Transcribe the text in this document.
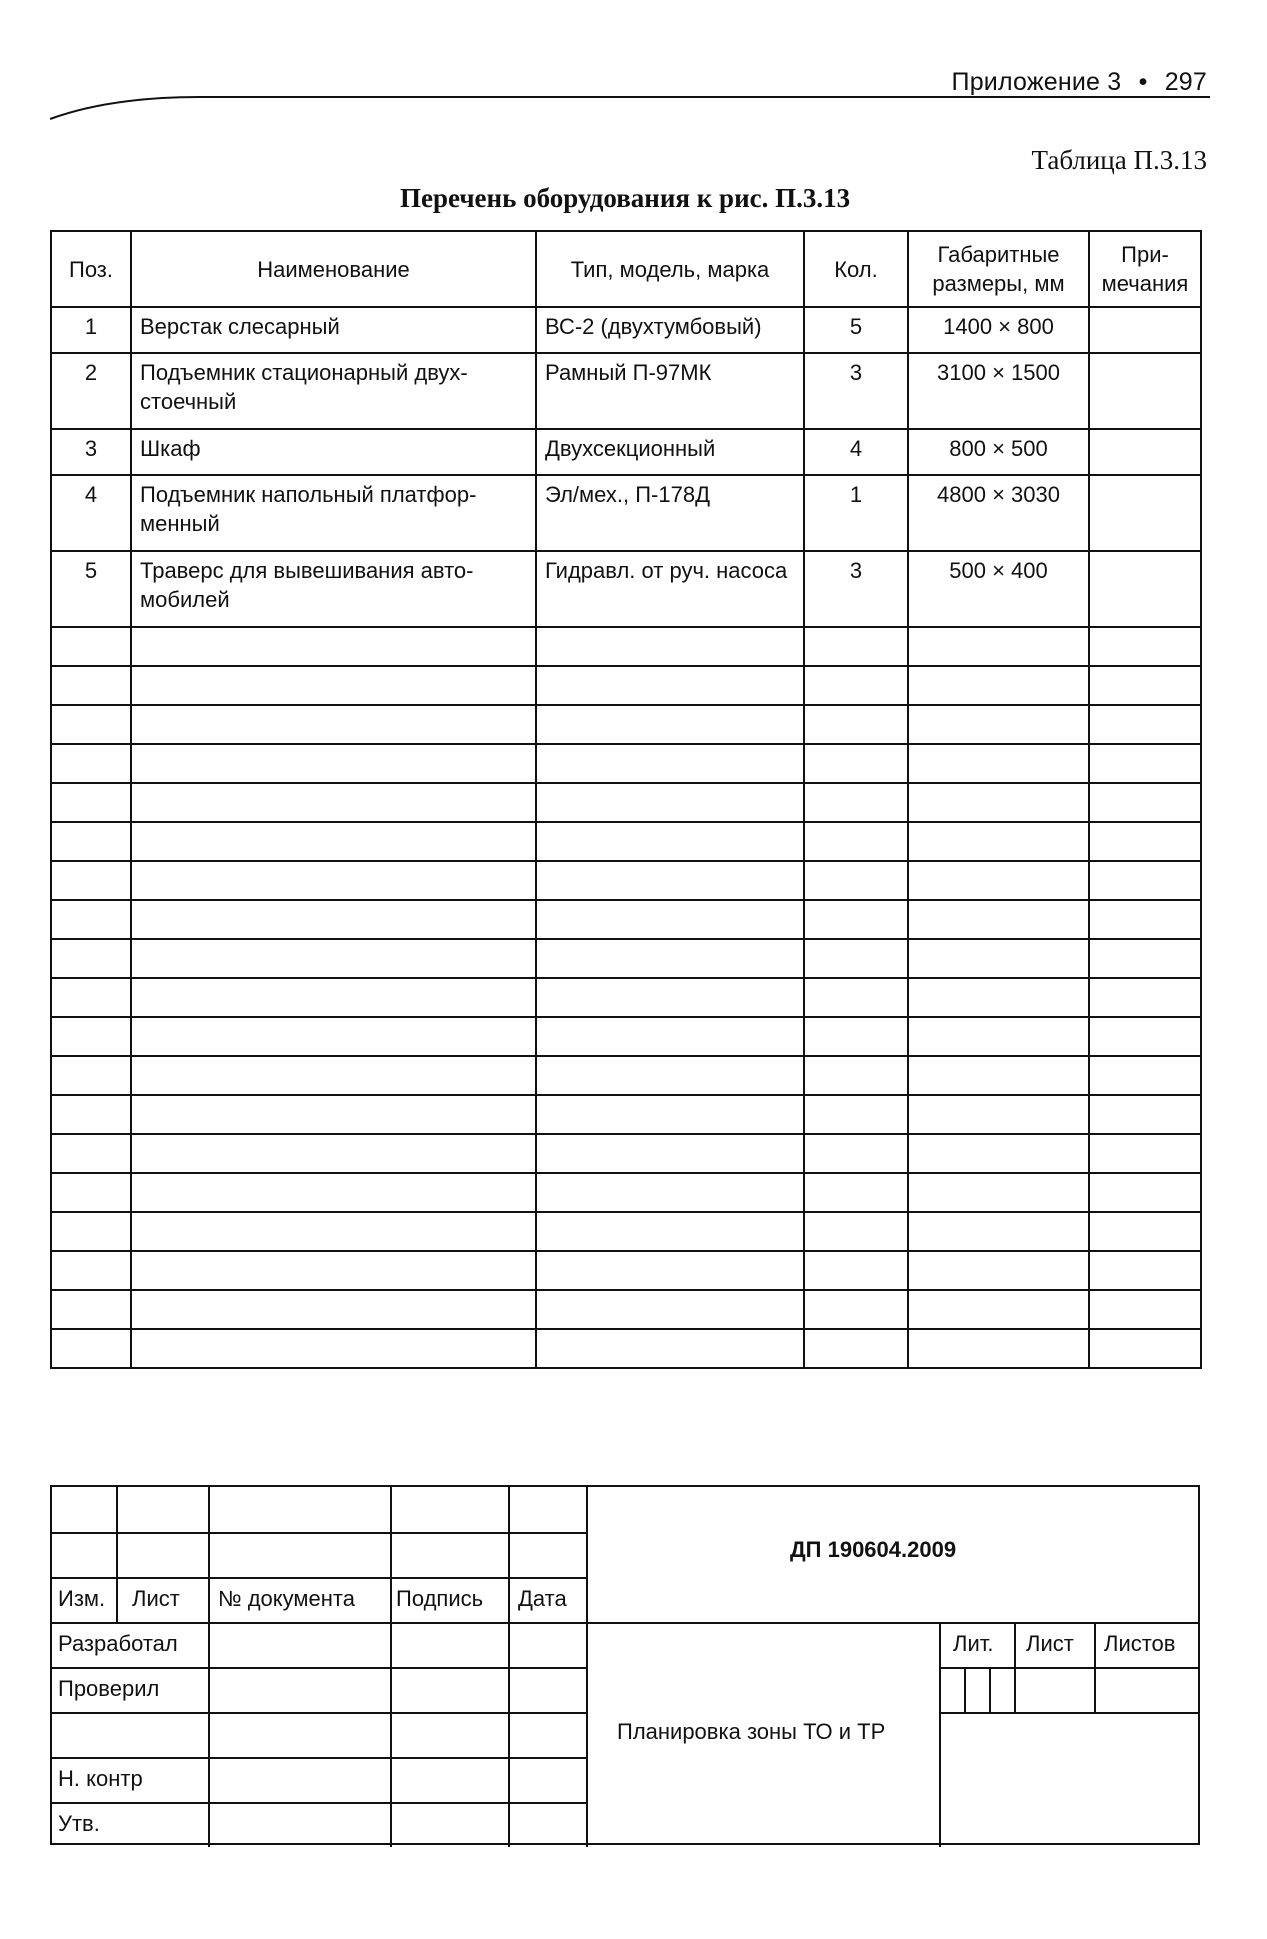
Приложение 3 • 297
Таблица П.3.13
Перечень оборудования к рис. П.3.13
Поз.	Наименование	Тип, модель, марка	Кол.	Габаритные размеры, мм	При-мечания
1	Верстак слесарный	ВС-2 (двухтумбовый)	5	1400 × 800	
2	Подъемник стационарный двух-стоечный	Рамный П-97МК	3	3100 × 1500	
3	Шкаф	Двухсекционный	4	800 × 500	
4	Подъемник напольный платфор-менный	Эл/мех., П-178Д	1	4800 × 3030	
5	Траверс для вывешивания авто-мобилей	Гидравл. от руч. насоса	3	500 × 400	

Изм. Лист № документа Подпись Дата
ДП 190604.2009
Разработал
Проверил
Н. контр
Утв.
Планировка зоны ТО и ТР
Лит. Лист Листов
